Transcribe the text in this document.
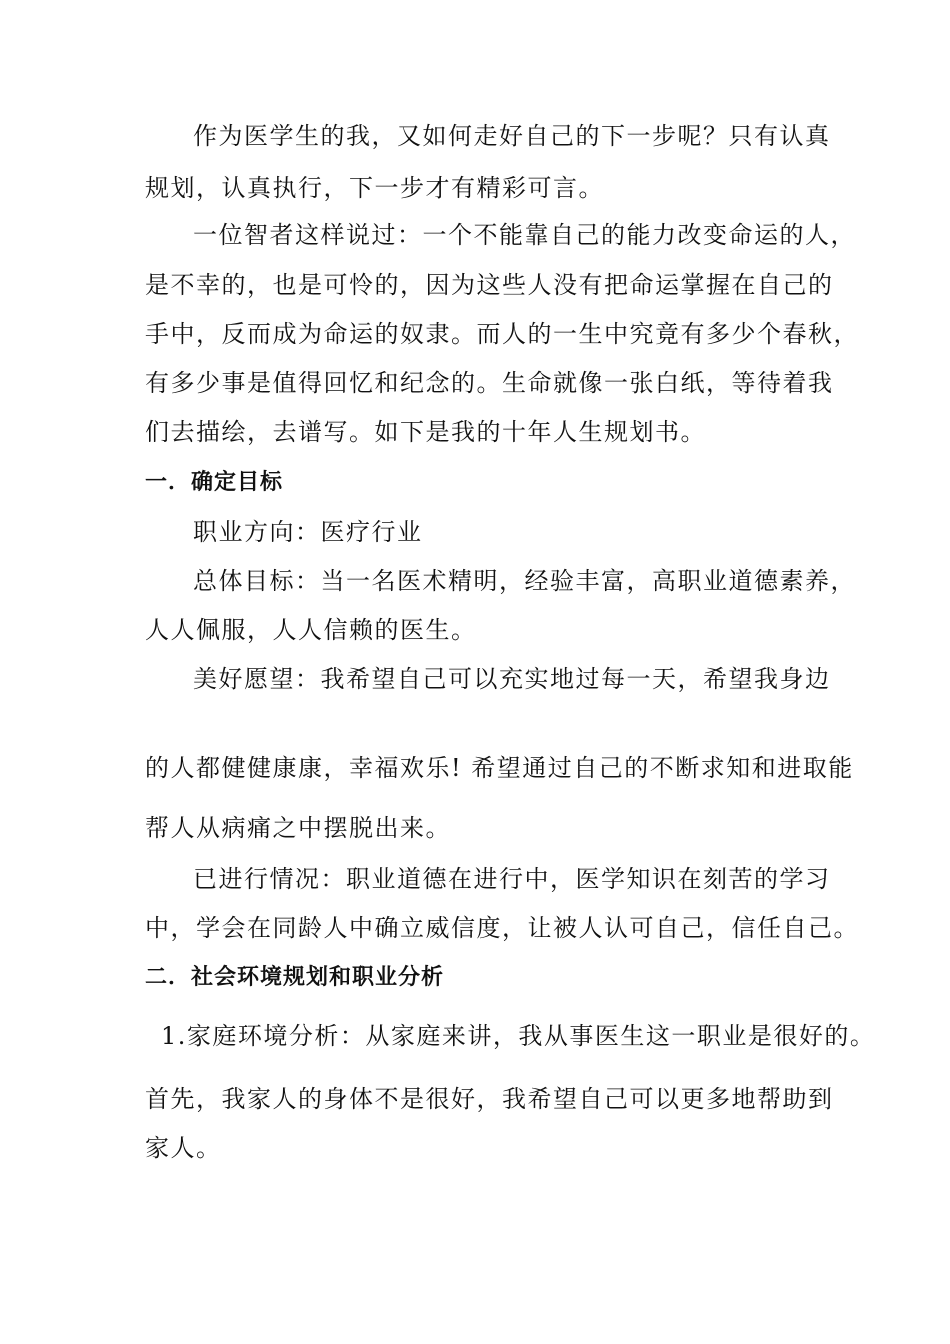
作为医学生的我，又如何走好自己的下一步呢？只有认真
规划，认真执行，下一步才有精彩可言。
一位智者这样说过：一个不能靠自己的能力改变命运的人，
是不幸的，也是可怜的，因为这些人没有把命运掌握在自己的
手中，反而成为命运的奴隶。而人的一生中究竟有多少个春秋，
有多少事是值得回忆和纪念的。生命就像一张白纸，等待着我
们去描绘，去谱写。如下是我的十年人生规划书。
一．确定目标
职业方向：医疗行业
总体目标：当一名医术精明，经验丰富，高职业道德素养，
人人佩服，人人信赖的医生。
美好愿望：我希望自己可以充实地过每一天，希望我身边
的人都健健康康，幸福欢乐! 希望通过自己的不断求知和进取能
帮人从病痛之中摆脱出来。
已进行情况：职业道德在进行中，医学知识在刻苦的学习
中，学会在同龄人中确立威信度，让被人认可自己，信任自己。
二．社会环境规划和职业分析
1.家庭环境分析：从家庭来讲，我从事医生这一职业是很好的。
首先，我家人的身体不是很好，我希望自己可以更多地帮助到
家人。
